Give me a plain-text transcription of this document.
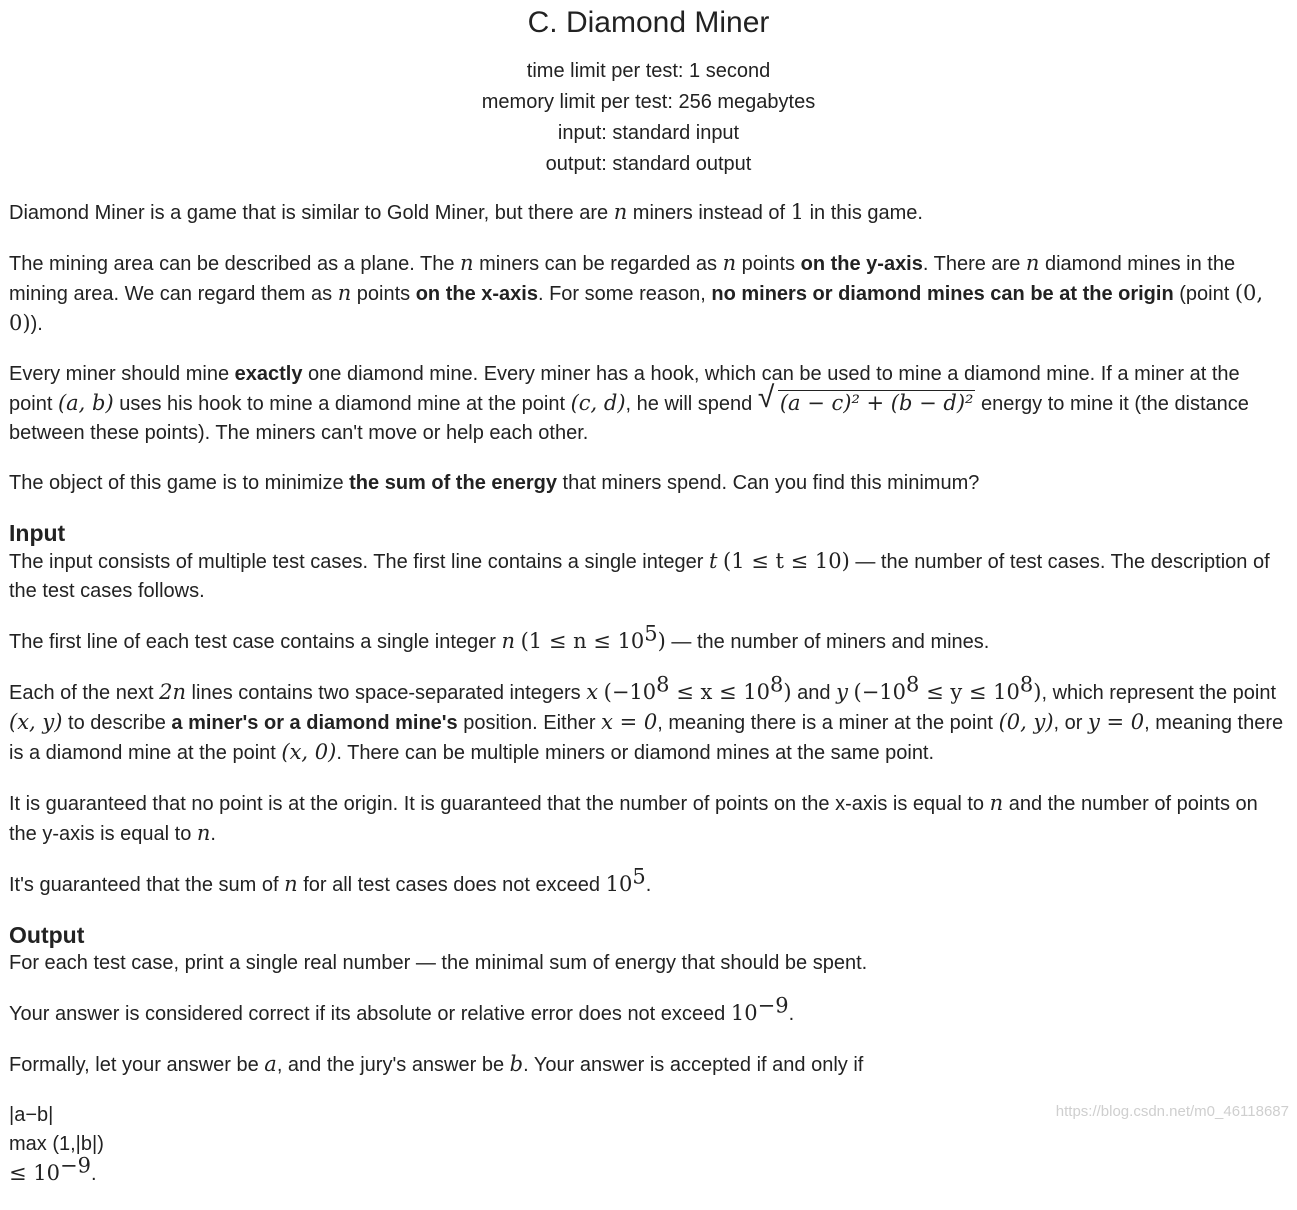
C. Diamond Miner
time limit per test: 1 second
memory limit per test: 256 megabytes
input: standard input
output: standard output

Diamond Miner is a game that is similar to Gold Miner, but there are n miners instead of 1 in this game.

The mining area can be described as a plane. The n miners can be regarded as n points on the y-axis. There are n diamond mines in the mining area. We can regard them as n points on the x-axis. For some reason, no miners or diamond mines can be at the origin (point (0, 0)).

Every miner should mine exactly one diamond mine. Every miner has a hook, which can be used to mine a diamond mine. If a miner at the point (a, b) uses his hook to mine a diamond mine at the point (c, d), he will spend √ (a − c)² + (b − d)² energy to mine it (the distance between these points). The miners can't move or help each other.

The object of this game is to minimize the sum of the energy that miners spend. Can you find this minimum?

Input

The input consists of multiple test cases. The first line contains a single integer t (1 ≤ t ≤ 10) — the number of test cases. The description of the test cases follows.

The first line of each test case contains a single integer n $(1 \le n \le 10^5)$ — the number of miners and mines.

Each of the next 2n lines contains two space-separated integers x $(-10^8 \le x \le 10^8)$ and y $(-10^8 \le y \le 10^8)$, which represent the point (x, y) to describe a miner's or a diamond mine's position. Either x = 0, meaning there is a miner at the point (0, y), or y = 0, meaning there is a diamond mine at the point (x, 0). There can be multiple miners or diamond mines at the same point.

It is guaranteed that no point is at the origin. It is guaranteed that the number of points on the x-axis is equal to n and the number of points on the y-axis is equal to n.

It's guaranteed that the sum of n for all test cases does not exceed $10^5$.

Output

For each test case, print a single real number — the minimal sum of energy that should be spent.

Your answer is considered correct if its absolute or relative error does not exceed $10^{-9}$.

Formally, let your answer be a, and the jury's answer be b. Your answer is accepted if and only if

|a−b|
max (1,|b|)
≤ $10^{-9}$.

https://blog.csdn.net/m0_46118687
